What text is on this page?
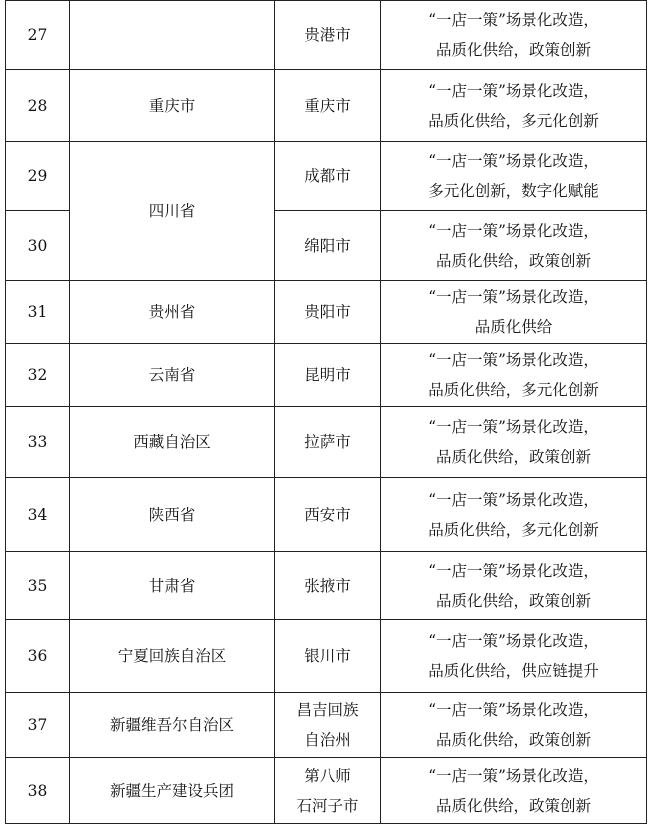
27		贵港市	“一店一策”场景化改造，
品质化供给，政策创新

28	重庆市	重庆市	“一店一策”场景化改造，
品质化供给，多元化创新

29	四川省	成都市	“一店一策”场景化改造，
多元化创新，数字化赋能

30		绵阳市	“一店一策”场景化改造，
品质化供给，政策创新

31	贵州省	贵阳市	“一店一策”场景化改造，
品质化供给

32	云南省	昆明市	“一店一策”场景化改造，
品质化供给，多元化创新

33	西藏自治区	拉萨市	“一店一策”场景化改造，
品质化供给，政策创新

34	陕西省	西安市	“一店一策”场景化改造，
品质化供给，多元化创新

35	甘肃省	张掖市	“一店一策”场景化改造，
品质化供给，政策创新

36	宁夏回族自治区	银川市	“一店一策”场景化改造，
品质化供给，供应链提升

37	新疆维吾尔自治区	昌吉回族
自治州	“一店一策”场景化改造，
品质化供给，政策创新

38	新疆生产建设兵团	第八师
石河子市	“一店一策”场景化改造，
品质化供给，政策创新
